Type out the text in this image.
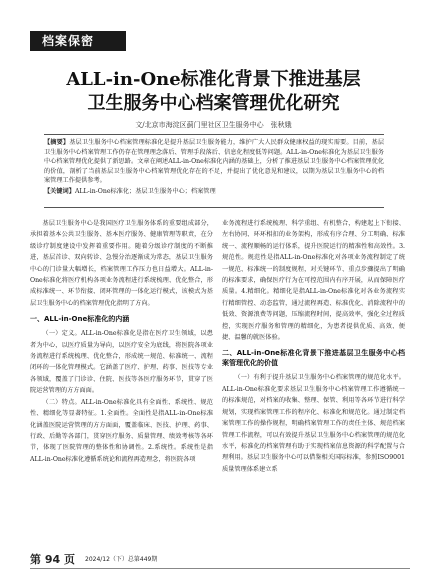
档案保密
ALL-in-One标准化背景下推进基层
卫生服务中心档案管理优化研究
文/北京市海淀区蓟门里社区卫生服务中心　张秋娥
【摘要】基层卫生服务中心档案管理标准化是提升基层卫生服务能力，维护广大人民群众健康权益的现实需要。目前，基层卫生服务中心档案管理工作仍存在管理理念落后、管理手段落后、信息化程度低等问题。ALL-in-One标准化为基层卫生服务中心档案管理优化提供了新思路。文章在阐述ALL-in-One标准化内涵的基础上，分析了推进基层卫生服务中心档案管理优化的价值，剖析了当前基层卫生服务中心档案管理优化存在的不足，并提出了优化意见和建议，以期为基层卫生服务中心的档案管理工作提供参考。
【关键词】ALL-in-One标准化；基层卫生服务中心；档案管理

基层卫生服务中心是我国医疗卫生服务体系的重要组成部分，承担着基本公共卫生服务、基本医疗服务、健康管理等职责，在分级诊疗制度建设中发挥着重要作用。随着分级诊疗制度的不断推进，基层首诊、双向转诊、急慢分治逐渐成为常态，基层卫生服务中心的门诊量大幅增长，档案管理工作压力也日益增大。ALL-in-One标准化将医疗机构各项业务流程进行系统梳理、优化整合，形成标准统一、环节衔接、闭环管理的一体化运行模式，该模式为基层卫生服务中心的档案管理优化指明了方向。

一、ALL-in-One标准化的内涵

（一）定义。ALL-in-One标准化是指在医疗卫生领域，以患者为中心，以医疗质量为导向，以医疗安全为底线，将医院各项业务流程进行系统梳理、优化整合，形成统一规范、标准统一、流程闭环的一体化管理模式。它涵盖了医疗、护理、药事、医技等专业各领域，覆盖了门诊诊、住院、医技等各医疗服务环节，贯穿了医院运营管理的方方面面。

（二）特点。ALL-in-One标准化具有全面性、系统性、规范性、精细化等显著特征。1.全面性。全面性是指ALL-in-One标准化涵盖医院运营管理的方方面面，覆盖临床、医技、护理、药事、行政、后勤等各部门，贯穿医疗服务、质量管理、绩效考核等各环节，体现了医院管理的整体性和协调性。2.系统性。系统性是指ALL-in-One标准化遵循系统论和流程再造理念，将医院各项

业务流程进行系统梳理、科学重组、有机整合，构建起上下衔接、左右协同、环环相扣的业务架构，形成有序合理、分工明确、标准统一、流程顺畅的运行体系，提升医院运行的精准性和高效性。3.规范性。规范性是指ALL-in-One标准化对各项业务流程制定了统一规范、标准统一的制度规程，对关键环节、重点步骤提出了明确的标准要求，确保医疗行为在可控范围内有序开展，从而保障医疗质量。4.精细化。精细化是指ALL-in-One标准化对各业务流程实行精细管控、动态监管，通过流程再造、标准优化、消除流程中的低效、资源浪费等问题，压缩流程时间，提高效率，强化全过程质控，实现医疗服务和管理的精细化，为患者提供优质、高效、便捷、温馨的就医体验。

二、ALL-in-One标准化背景下推进基层卫生服务中心档案管理优化的价值

（一）有利于提升基层卫生服务中心档案管理的规范化水平。ALL-in-One标准化要求基层卫生服务中心档案管理工作遵循统一的标准规范，对档案的收集、整理、保管、利用等各环节进行科学规划，实现档案管理工作的程序化、标准化和规范化。通过制定档案管理工作的操作规程，明确档案管理工作的责任主体、规范档案管理工作流程，可以有效提升基层卫生服务中心档案管理的规范化水平，标准化的档案管理有助于实现档案信息资源的科学配置与合理利用。基层卫生服务中心可以借鉴相关国际标准，参照ISO9001质量管理体系建立系

第 94 页 2024/12（下）总第449期
